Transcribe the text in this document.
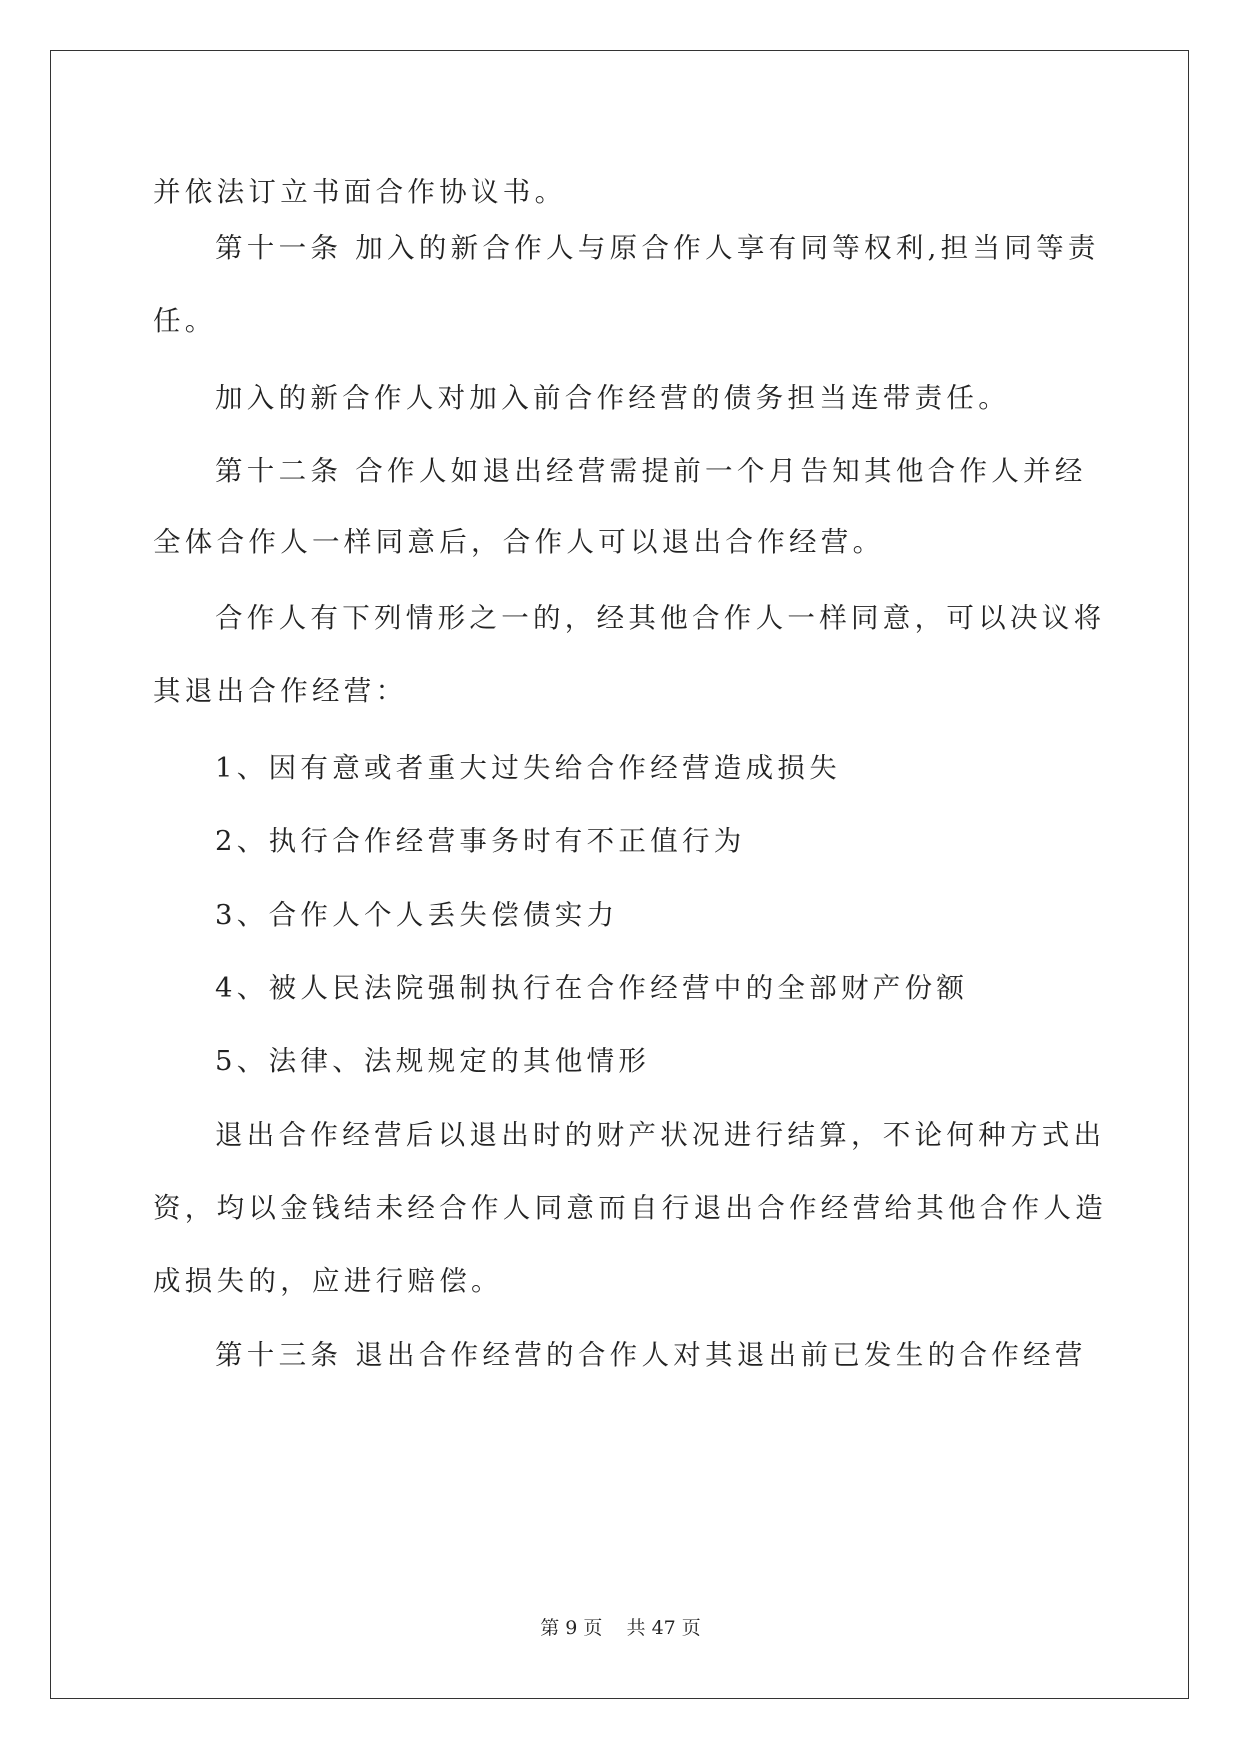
并依法订立书面合作协议书。
第十一条 加入的新合作人与原合作人享有同等权利,担当同等责
任。
加入的新合作人对加入前合作经营的债务担当连带责任。
第十二条 合作人如退出经营需提前一个月告知其他合作人并经
全体合作人一样同意后，合作人可以退出合作经营。
合作人有下列情形之一的，经其他合作人一样同意，可以决议将
其退出合作经营：
1、因有意或者重大过失给合作经营造成损失
2、执行合作经营事务时有不正值行为
3、合作人个人丢失偿债实力
4、被人民法院强制执行在合作经营中的全部财产份额
5、法律、法规规定的其他情形
退出合作经营后以退出时的财产状况进行结算，不论何种方式出
资，均以金钱结未经合作人同意而自行退出合作经营给其他合作人造
成损失的，应进行赔偿。
第十三条 退出合作经营的合作人对其退出前已发生的合作经营
第 9 页    共 47 页
